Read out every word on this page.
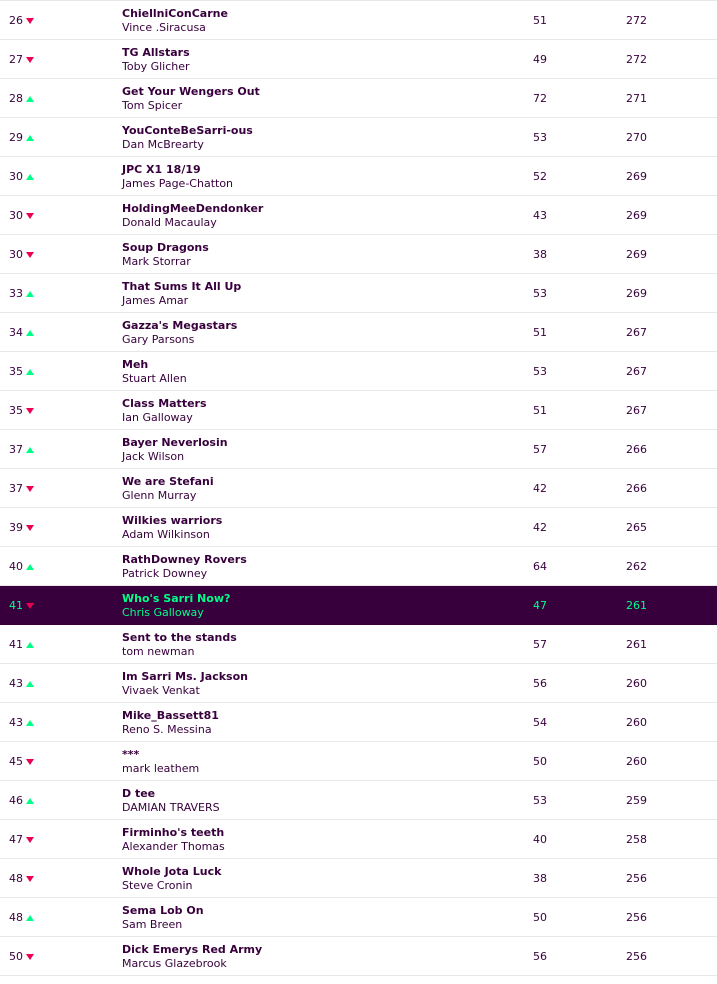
26
ChiellniConCarne
Vince .Siracusa
51	272
27
TG Allstars
Toby Glicher
49	272
28
Get Your Wengers Out
Tom Spicer
72	271
29
YouConteBeSarri-ous
Dan McBrearty
53	270
30
JPC X1 18/19
James Page-Chatton
52	269
30
HoldingMeeDendonker
Donald Macaulay
43	269
30
Soup Dragons
Mark Storrar
38	269
33
That Sums It All Up
James Amar
53	269
34
Gazza's Megastars
Gary Parsons
51	267
35
Meh
Stuart Allen
53	267
35
Class Matters
Ian Galloway
51	267
37
Bayer Neverlosin
Jack Wilson
57	266
37
We are Stefani
Glenn Murray
42	266
39
Wilkies warriors
Adam Wilkinson
42	265
40
RathDowney Rovers
Patrick Downey
64	262
41
Who's Sarri Now?
Chris Galloway
47	261
41
Sent to the stands
tom newman
57	261
43
Im Sarri Ms. Jackson
Vivaek Venkat
56	260
43
Mike_Bassett81
Reno S. Messina
54	260
45
***
mark leathem
50	260
46
D tee
DAMIAN TRAVERS
53	259
47
Firminho's teeth
Alexander Thomas
40	258
48
Whole Jota Luck
Steve Cronin
38	256
48
Sema Lob On
Sam Breen
50	256
50
Dick Emerys Red Army
Marcus Glazebrook
56	256
